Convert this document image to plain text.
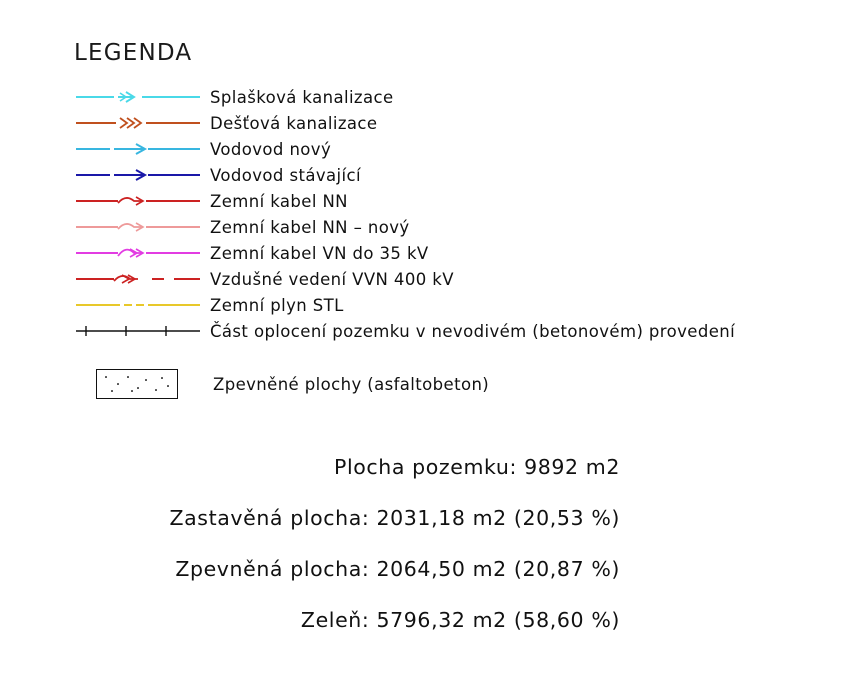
LEGENDA
Splašková kanalizace
Dešťová kanalizace
Vodovod nový
Vodovod stávající
Zemní kabel NN
Zemní kabel NN – nový
Zemní kabel VN do 35 kV
Vzdušné vedení VVN 400 kV
Zemní plyn STL
Část oplocení pozemku v nevodivém (betonovém) provedení
Zpevněné plochy (asfaltobeton)
Plocha pozemku: 9892 m2
Zastavěná plocha: 2031,18 m2 (20,53 %)
Zpevněná plocha: 2064,50 m2 (20,87 %)
Zeleň: 5796,32 m2 (58,60 %)
